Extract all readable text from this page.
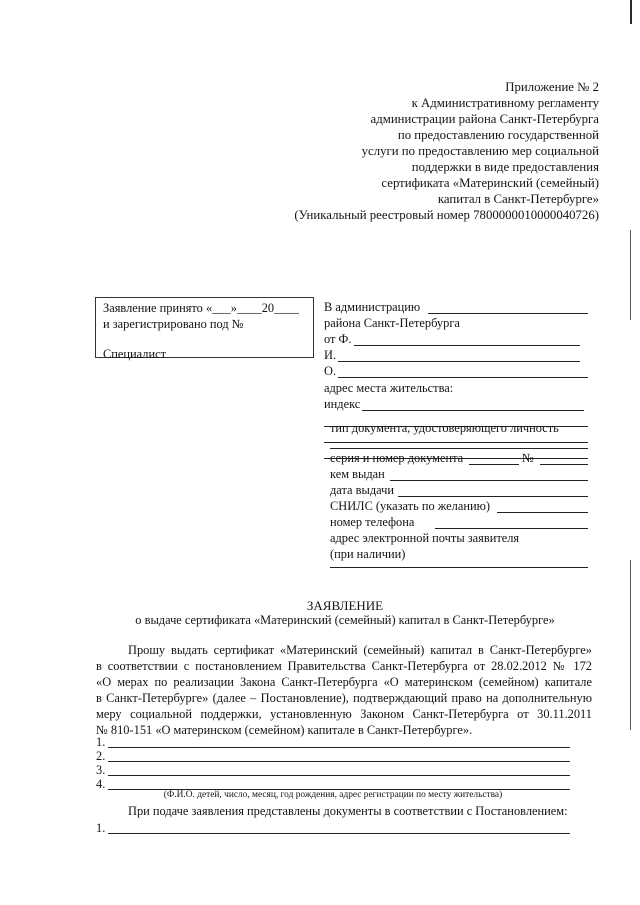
Приложение № 2
к Административному регламенту
администрации района Санкт-Петербурга
по предоставлению государственной
услуги по предоставлению мер социальной
поддержки в виде предоставления
сертификата «Материнский (семейный)
капитал в Санкт-Петербурге»
(Уникальный реестровый номер 7800000010000040726)
Заявление принято «___»____20____
и зарегистрировано под №
Специалист
В администрацию
района Санкт-Петербурга
от Ф.
И.
О.
адрес места жительства:
индекс
тип документа, удостоверяющего личность
серия и номер документа	№
кем выдан
дата выдачи
СНИЛС (указать по желанию)
номер телефона
адрес электронной почты заявителя
(при наличии)
ЗАЯВЛЕНИЕ
о выдаче сертификата «Материнский (семейный) капитал в Санкт-Петербурге»
Прошу выдать сертификат «Материнский (семейный) капитал в Санкт-Петербурге»
в соответствии с постановлением Правительства Санкт-Петербурга от 28.02.2012 № 172
«О мерах по реализации Закона Санкт-Петербурга «О материнском (семейном) капитале
в Санкт-Петербурге» (далее – Постановление), подтверждающий право на дополнительную
меру социальной поддержки, установленную Законом Санкт-Петербурга от 30.11.2011
№ 810-151 «О материнском (семейном) капитале в Санкт-Петербурге».
1.
2.
3.
4.
(Ф.И.О. детей, число, месяц, год рождения, адрес регистрации по месту жительства)
При подаче заявления представлены документы в соответствии с Постановлением:
1.
